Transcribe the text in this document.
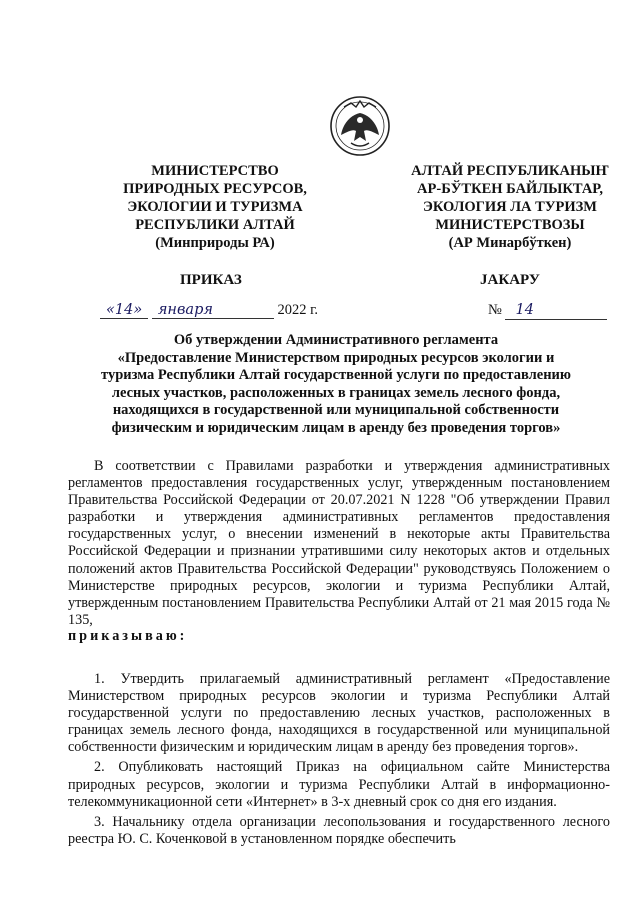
МИНИСТЕРСТВО
ПРИРОДНЫХ РЕСУРСОВ,
ЭКОЛОГИИ И ТУРИЗМА
РЕСПУБЛИКИ АЛТАЙ
(Минприроды РА)
АЛТАЙ РЕСПУБЛИКАНЫҤ
АР-БЎТКЕН БАЙЛЫКТАР,
ЭКОЛОГИЯ ЛА ТУРИЗМ
МИНИСТЕРСТВОЗЫ
(АР Минарбўткен)
ПРИКАЗ	JАКАРУ
«14» января	2022 г.	№ 14
Об утверждении Административного регламента
«Предоставление Министерством природных ресурсов экологии и
туризма Республики Алтай государственной услуги по предоставлению
лесных участков, расположенных в границах земель лесного фонда,
находящихся в государственной или муниципальной собственности
физическим и юридическим лицам в аренду без проведения торгов»

В соответствии с Правилами разработки и утверждения административных регламентов предоставления государственных услуг, утвержденным постановлением Правительства Российской Федерации от 20.07.2021 N 1228 "Об утверждении Правил разработки и утверждения административных регламентов предоставления государственных услуг, о внесении изменений в некоторые акты Правительства Российской Федерации и признании утратившими силу некоторых актов и отдельных положений актов Правительства Российской Федерации" руководствуясь Положением о Министерстве природных ресурсов, экологии и туризма Республики Алтай, утвержденным постановлением Правительства Республики Алтай от 21 мая 2015 года № 135,

приказываю:

1. Утвердить прилагаемый административный регламент «Предоставление Министерством природных ресурсов экологии и туризма Республики Алтай государственной услуги по предоставлению лесных участков, расположенных в границах земель лесного фонда, находящихся в государственной или муниципальной собственности физическим и юридическим лицам в аренду без проведения торгов».

2. Опубликовать настоящий Приказ на официальном сайте Министерства природных ресурсов, экологии и туризма Республики Алтай в информационно-телекоммуникационной сети «Интернет» в 3-х дневный срок со дня его издания.

3. Начальнику отдела организации лесопользования и государственного лесного реестра Ю. С. Коченковой в установленном порядке обеспечить
